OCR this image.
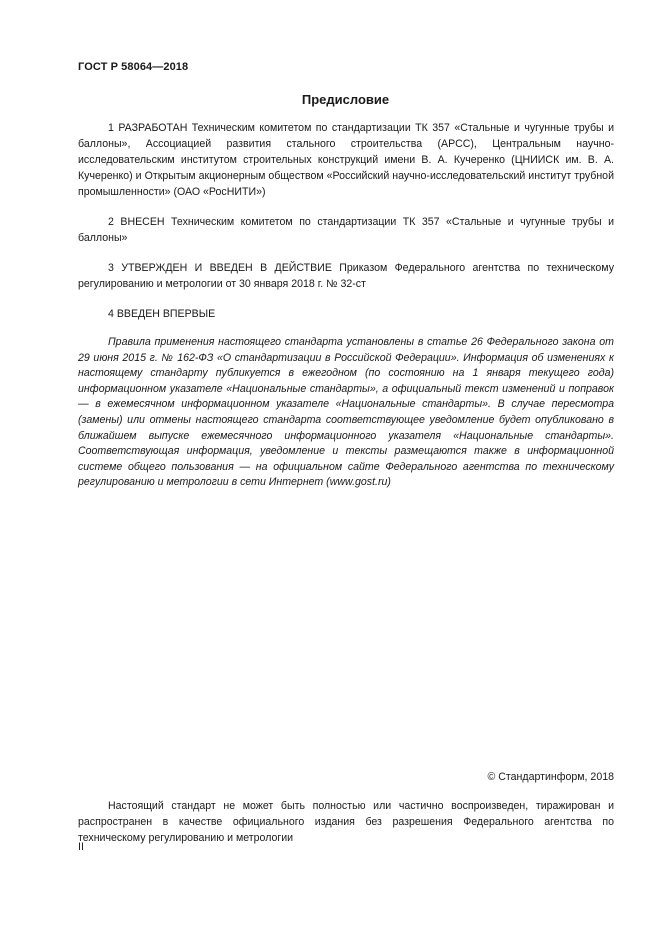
ГОСТ Р 58064—2018
Предисловие

1 РАЗРАБОТАН Техническим комитетом по стандартизации ТК 357 «Стальные и чугунные трубы и баллоны», Ассоциацией развития стального строительства (АРСС), Центральным научно-исследовательским институтом строительных конструкций имени В. А. Кучеренко (ЦНИИСК им. В. А. Кучеренко) и Открытым акционерным обществом «Российский научно-исследовательский институт трубной промышленности» (ОАО «РосНИТИ»)

2 ВНЕСЕН Техническим комитетом по стандартизации ТК 357 «Стальные и чугунные трубы и баллоны»

3 УТВЕРЖДЕН И ВВЕДЕН В ДЕЙСТВИЕ Приказом Федерального агентства по техническому регулированию и метрологии от 30 января 2018 г. № 32-ст

4 ВВЕДЕН ВПЕРВЫЕ

Правила применения настоящего стандарта установлены в статье 26 Федерального закона от 29 июня 2015 г. № 162-ФЗ «О стандартизации в Российской Федерации». Информация об изменениях к настоящему стандарту публикуется в ежегодном (по состоянию на 1 января текущего года) информационном указателе «Национальные стандарты», а официальный текст изменений и поправок — в ежемесячном информационном указателе «Национальные стандарты». В случае пересмотра (замены) или отмены настоящего стандарта соответствующее уведомление будет опубликовано в ближайшем выпуске ежемесячного информационного указателя «Национальные стандарты». Соответствующая информация, уведомление и тексты размещаются также в информационной системе общего пользования — на официальном сайте Федерального агентства по техническому регулированию и метрологии в сети Интернет (www.gost.ru)
© Стандартинформ, 2018
Настоящий стандарт не может быть полностью или частично воспроизведен, тиражирован и распространен в качестве официального издания без разрешения Федерального агентства по техническому регулированию и метрологии
II
